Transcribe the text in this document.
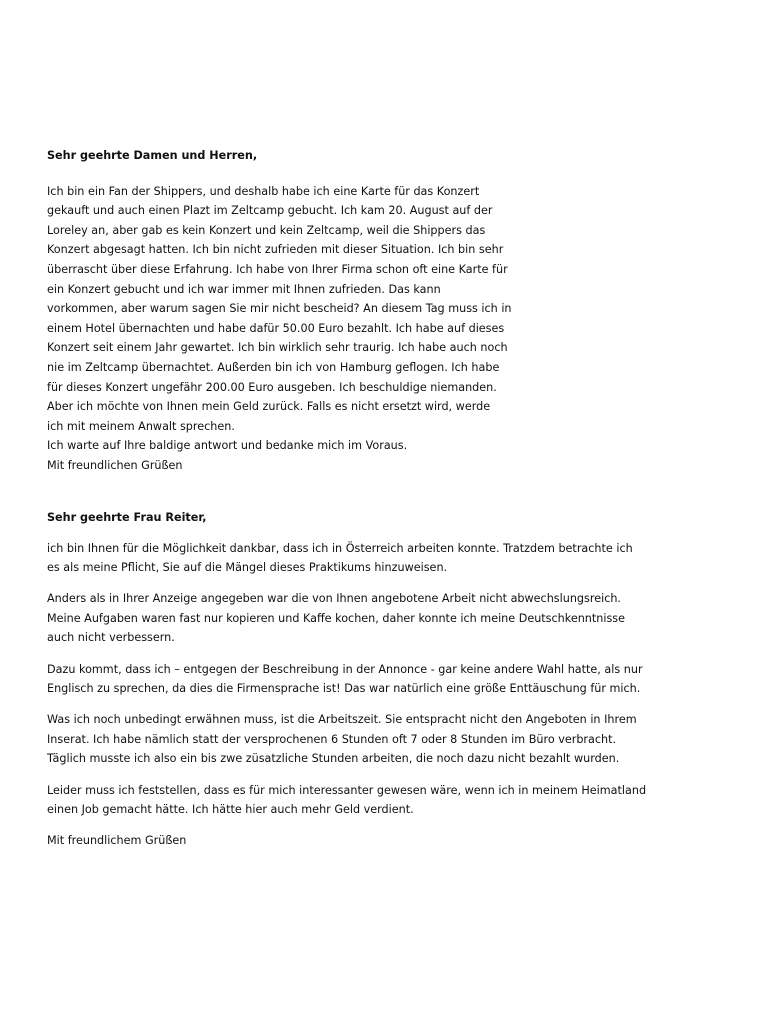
Sehr geehrte Damen und Herren,
Ich bin ein Fan der Shippers, und deshalb habe ich eine Karte für das Konzert
gekauft und auch einen Plazt im Zeltcamp gebucht. Ich kam 20. August auf der
Loreley an, aber gab es kein Konzert und kein Zeltcamp, weil die Shippers das
Konzert abgesagt hatten. Ich bin nicht zufrieden mit dieser Situation. Ich bin sehr
überrascht über diese Erfahrung. Ich habe von Ihrer Firma schon oft eine Karte für
ein Konzert gebucht und ich war immer mit Ihnen zufrieden. Das kann
vorkommen, aber warum sagen Sie mir nicht bescheid? An diesem Tag muss ich in
einem Hotel übernachten und habe dafür 50.00 Euro bezahlt. Ich habe auf dieses
Konzert seit einem Jahr gewartet. Ich bin wirklich sehr traurig. Ich habe auch noch
nie im Zeltcamp übernachtet. Außerden bin ich von Hamburg geflogen. Ich habe
für dieses Konzert ungefähr 200.00 Euro ausgeben. Ich beschuldige niemanden.
Aber ich möchte von Ihnen mein Geld zurück. Falls es nicht ersetzt wird, werde
ich mit meinem Anwalt sprechen.
Ich warte auf Ihre baldige antwort und bedanke mich im Voraus.
Mit freundlichen Grüßen
Sehr geehrte Frau Reiter,
ich bin Ihnen für die Möglichkeit dankbar, dass ich in Österreich arbeiten konnte. Tratzdem betrachte ich
es als meine Pflicht, Sie auf die Mängel dieses Praktikums hinzuweisen.
Anders als in Ihrer Anzeige angegeben war die von Ihnen angebotene Arbeit nicht abwechslungsreich.
Meine Aufgaben waren fast nur kopieren und Kaffe kochen, daher konnte ich meine Deutschkenntnisse
auch nicht verbessern.
Dazu kommt, dass ich – entgegen der Beschreibung in der Annonce - gar keine andere Wahl hatte, als nur
Englisch zu sprechen, da dies die Firmensprache ist! Das war natürlich eine größe Enttäuschung für mich.
Was ich noch unbedingt erwähnen muss, ist die Arbeitszeit. Sie entspracht nicht den Angeboten in Ihrem
Inserat. Ich habe nämlich statt der versprochenen 6 Stunden oft 7 oder 8 Stunden im Büro verbracht.
Täglich musste ich also ein bis zwe züsatzliche Stunden arbeiten, die noch dazu nicht bezahlt wurden.
Leider muss ich feststellen, dass es für mich interessanter gewesen wäre, wenn ich in meinem Heimatland
einen Job gemacht hätte. Ich hätte hier auch mehr Geld verdient.
Mit freundlichem Grüßen
